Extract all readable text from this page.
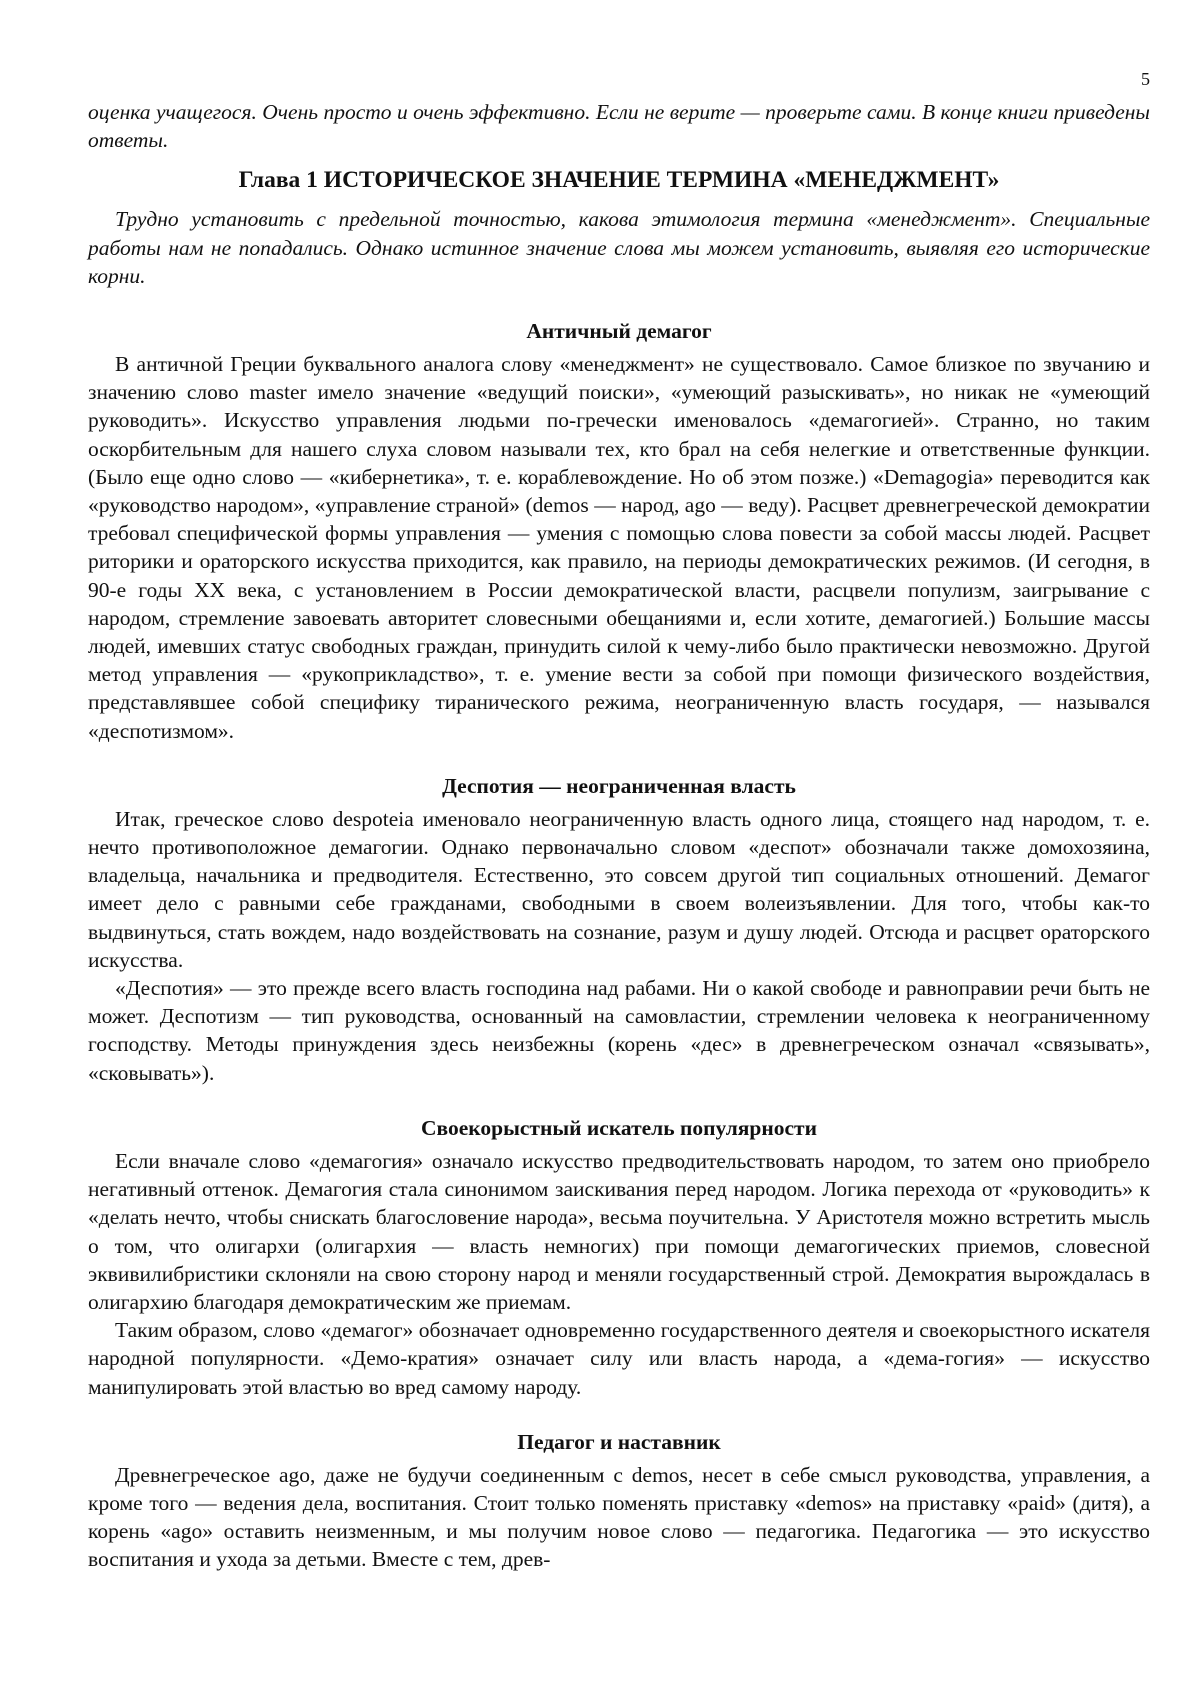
5

оценка учащегося. Очень просто и очень эффективно. Если не верите — проверьте сами. В конце книги приведены ответы.

Глава 1 ИСТОРИЧЕСКОЕ ЗНАЧЕНИЕ ТЕРМИНА «МЕНЕДЖМЕНТ»

Трудно установить с предельной точностью, какова этимология термина «менеджмент». Специальные работы нам не попадались. Однако истинное значение слова мы можем установить, выявляя его исторические корни.

Античный демагог

В античной Греции буквального аналога слову «менеджмент» не существовало. Самое близкое по звучанию и значению слово master имело значение «ведущий поиски», «умеющий разыскивать», но никак не «умеющий руководить». Искусство управления людьми по-гречески именовалось «демагогией». Странно, но таким оскорбительным для нашего слуха словом называли тех, кто брал на себя нелегкие и ответственные функции. (Было еще одно слово — «кибернетика», т. е. кораблевождение. Но об этом позже.) «Demagogia» переводится как «руководство народом», «управление страной» (demos — народ, ago — веду). Расцвет древнегреческой демократии требовал специфической формы управления — умения с помощью слова повести за собой массы людей. Расцвет риторики и ораторского искусства приходится, как правило, на периоды демократических режимов. (И сегодня, в 90-е годы XX века, с установлением в России демократической власти, расцвели популизм, заигрывание с народом, стремление завоевать авторитет словесными обещаниями и, если хотите, демагогией.) Большие массы людей, имевших статус свободных граждан, принудить силой к чему-либо было практически невозможно. Другой метод управления — «рукоприкладство», т. е. умение вести за собой при помощи физического воздействия, представлявшее собой специфику тиранического режима, неограниченную власть государя, — назывался «деспотизмом».

Деспотия — неограниченная власть

Итак, греческое слово despoteia именовало неограниченную власть одного лица, стоящего над народом, т. е. нечто противоположное демагогии. Однако первоначально словом «деспот» обозначали также домохозяина, владельца, начальника и предводителя. Естественно, это совсем другой тип социальных отношений. Демагог имеет дело с равными себе гражданами, свободными в своем волеизъявлении. Для того, чтобы как-то выдвинуться, стать вождем, надо воздействовать на сознание, разум и душу людей. Отсюда и расцвет ораторского искусства.

«Деспотия» — это прежде всего власть господина над рабами. Ни о какой свободе и равноправии речи быть не может. Деспотизм — тип руководства, основанный на самовластии, стремлении человека к неограниченному господству. Методы принуждения здесь неизбежны (корень «дес» в древнегреческом означал «связывать», «сковывать»).

Своекорыстный искатель популярности

Если вначале слово «демагогия» означало искусство предводительствовать народом, то затем оно приобрело негативный оттенок. Демагогия стала синонимом заискивания перед народом. Логика перехода от «руководить» к «делать нечто, чтобы снискать благословение народа», весьма поучительна. У Аристотеля можно встретить мысль о том, что олигархи (олигархия — власть немногих) при помощи демагогических приемов, словесной эквивилибристики склоняли на свою сторону народ и меняли государственный строй. Демократия вырождалась в олигархию благодаря демократическим же приемам.

Таким образом, слово «демагог» обозначает одновременно государственного деятеля и своекорыстного искателя народной популярности. «Демо-кратия» означает силу или власть народа, а «дема-гогия» — искусство манипулировать этой властью во вред самому народу.

Педагог и наставник

Древнегреческое ago, даже не будучи соединенным с demos, несет в себе смысл руководства, управления, а кроме того — ведения дела, воспитания. Стоит только поменять приставку «demos» на приставку «paid» (дитя), а корень «ago» оставить неизменным, и мы получим новое слово — педагогика. Педагогика — это искусство воспитания и ухода за детьми. Вместе с тем, древ-
